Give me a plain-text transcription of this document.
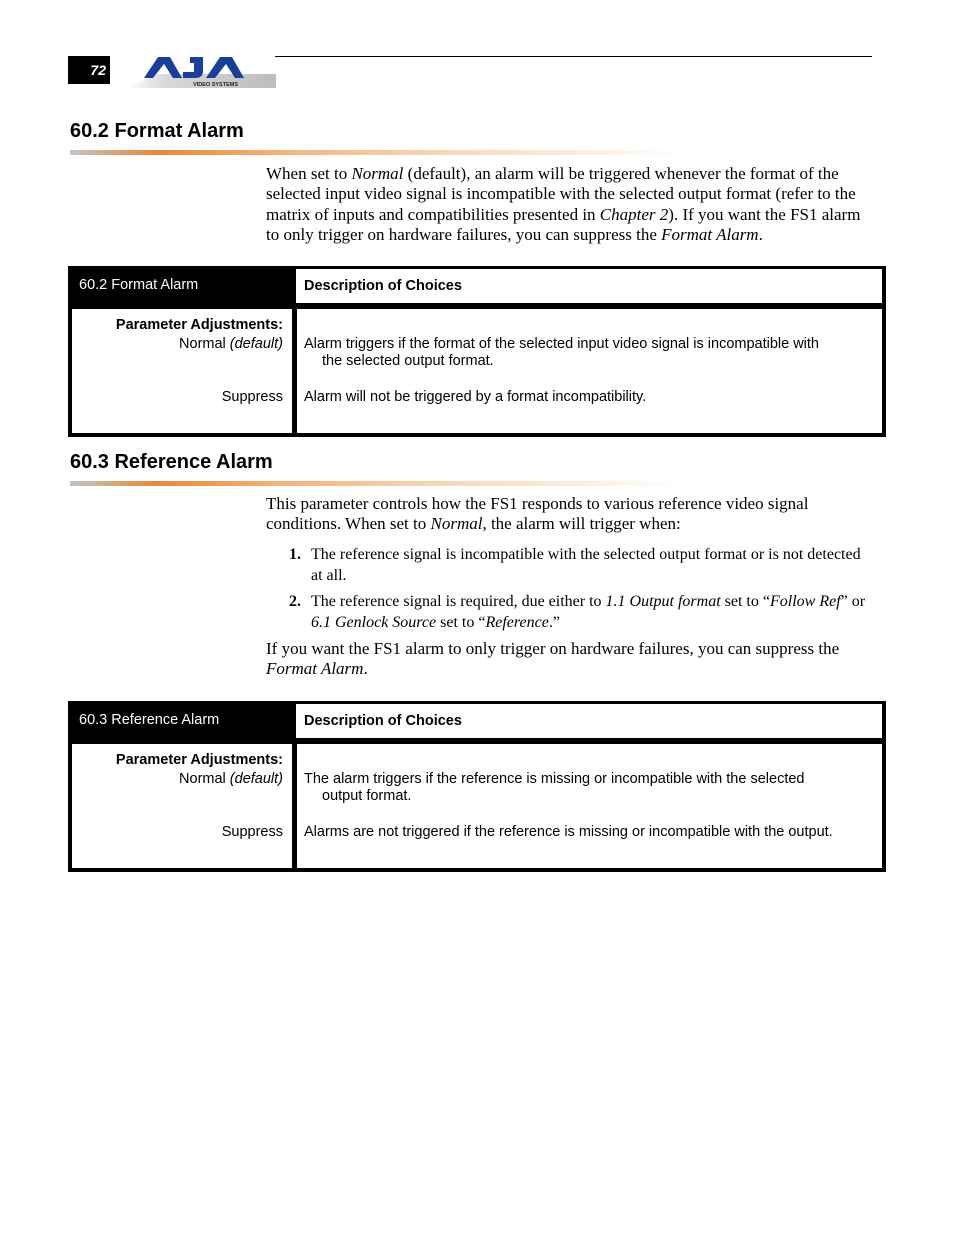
72
VIDEO SYSTEMS
60.2 Format Alarm

When set to Normal (default), an alarm will be triggered whenever the format of the selected input video signal is incompatible with the selected output format (refer to the matrix of inputs and compatibilities presented in Chapter 2). If you want the FS1 alarm to only trigger on hardware failures, you can suppress the Format Alarm.

60.2 Format Alarm	Description of Choices
Parameter Adjustments:
Normal (default)
Suppress
Alarm triggers if the format of the selected input video signal is incompatible with
the selected output format.
Alarm will not be triggered by a format incompatibility.
60.3 Reference Alarm

This parameter controls how the FS1 responds to various reference video signal conditions. When set to Normal, the alarm will trigger when:

1. The reference signal is incompatible with the selected output format or is not detected at all.
2. The reference signal is required, due either to 1.1 Output format set to “Follow Ref” or 6.1 Genlock Source set to “Reference.”

If you want the FS1 alarm to only trigger on hardware failures, you can suppress the Format Alarm.

60.3 Reference Alarm	Description of Choices
Parameter Adjustments:
Normal (default)
Suppress
The alarm triggers if the reference is missing or incompatible with the selected
output format.
Alarms are not triggered if the reference is missing or incompatible with the output.
